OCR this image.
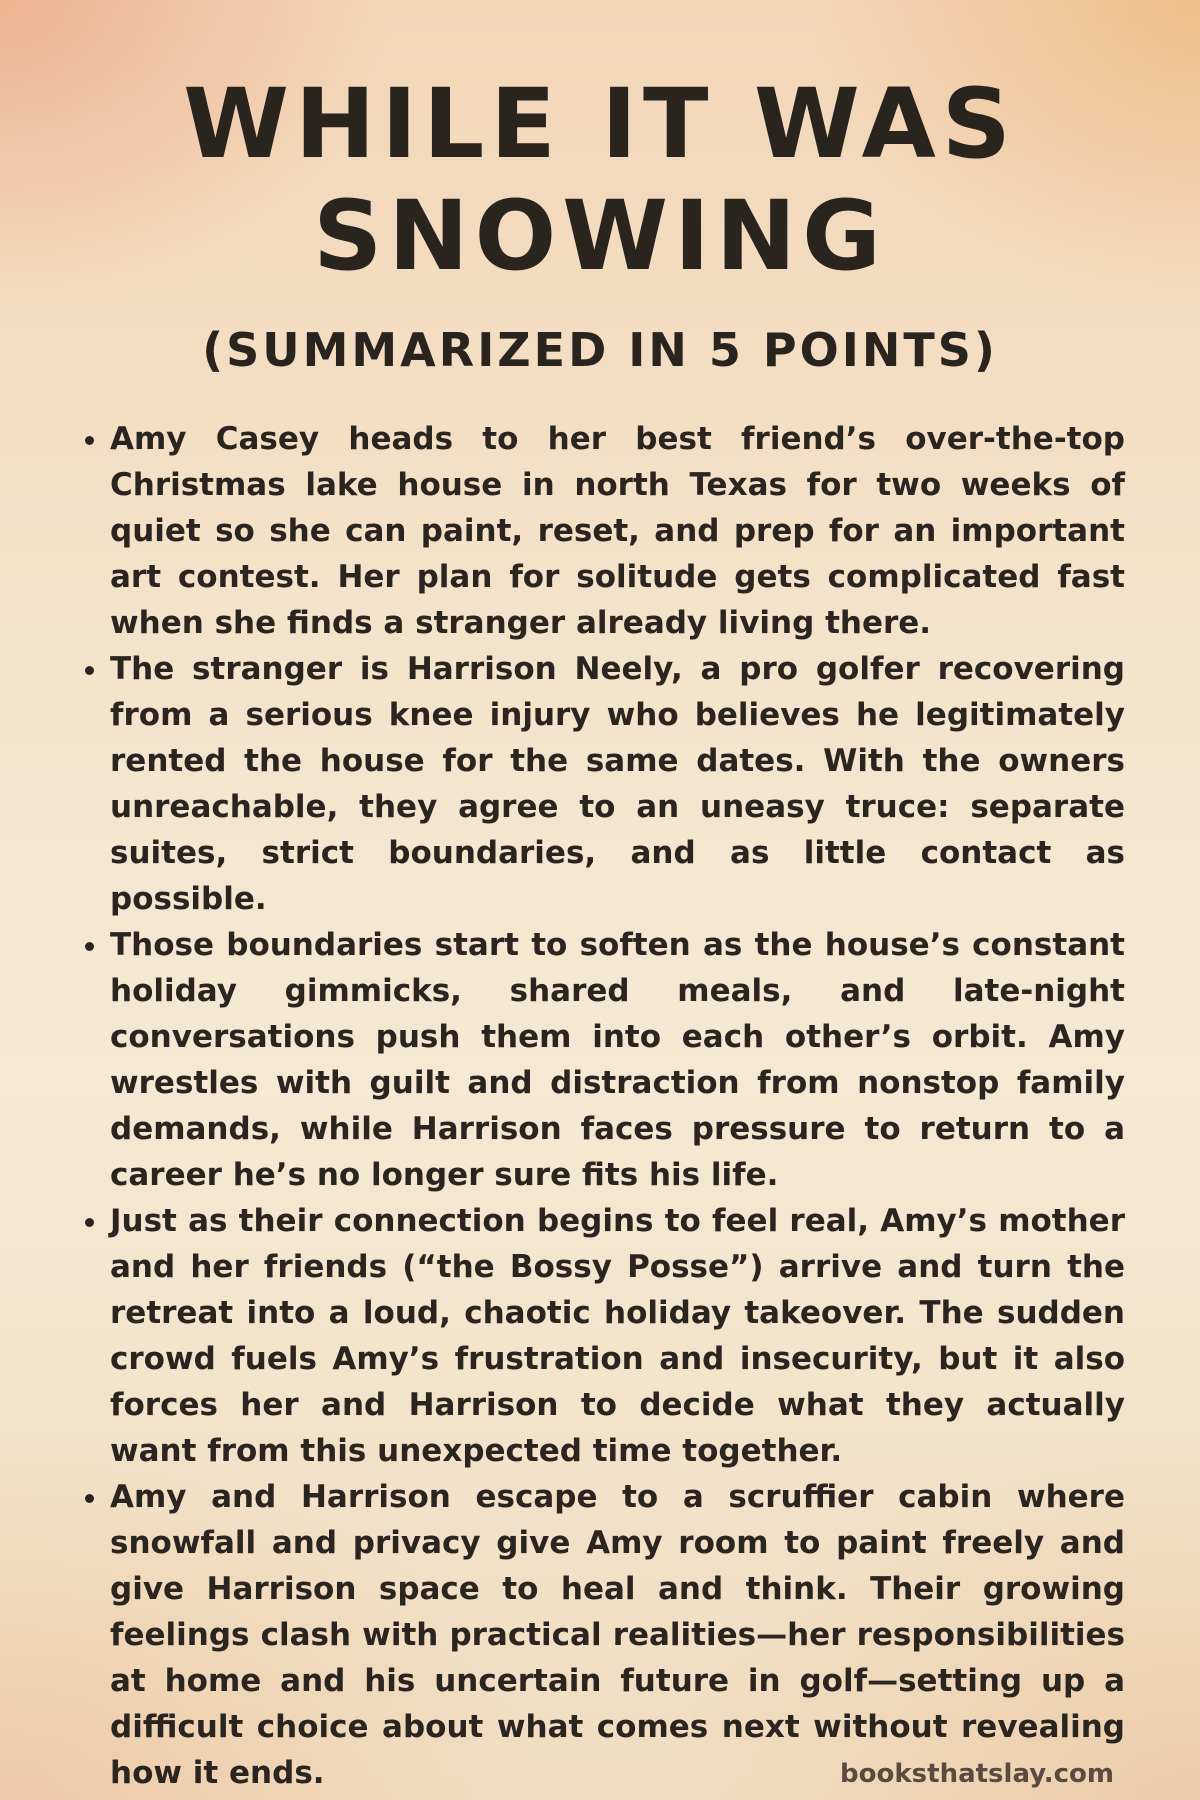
WHILE IT WAS SNOWING
(SUMMARIZED IN 5 POINTS)
Amy Casey heads to her best friend’s over-the-top Christmas lake house in north Texas for two weeks of quiet so she can paint, reset, and prep for an important art contest. Her plan for solitude gets complicated fast when she finds a stranger already living there.
The stranger is Harrison Neely, a pro golfer recovering from a serious knee injury who believes he legitimately rented the house for the same dates. With the owners unreachable, they agree to an uneasy truce: separate suites, strict boundaries, and as little contact as possible.
Those boundaries start to soften as the house’s constant holiday gimmicks, shared meals, and late-night conversations push them into each other’s orbit. Amy wrestles with guilt and distraction from nonstop family demands, while Harrison faces pressure to return to a career he’s no longer sure fits his life.
Just as their connection begins to feel real, Amy’s mother and her friends (“the Bossy Posse”) arrive and turn the retreat into a loud, chaotic holiday takeover. The sudden crowd fuels Amy’s frustration and insecurity, but it also forces her and Harrison to decide what they actually want from this unexpected time together.
Amy and Harrison escape to a scruffier cabin where snowfall and privacy give Amy room to paint freely and give Harrison space to heal and think. Their growing feelings clash with practical realities—her responsibilities at home and his uncertain future in golf—setting up a difficult choice about what comes next without revealing how it ends.	booksthatslay.com
